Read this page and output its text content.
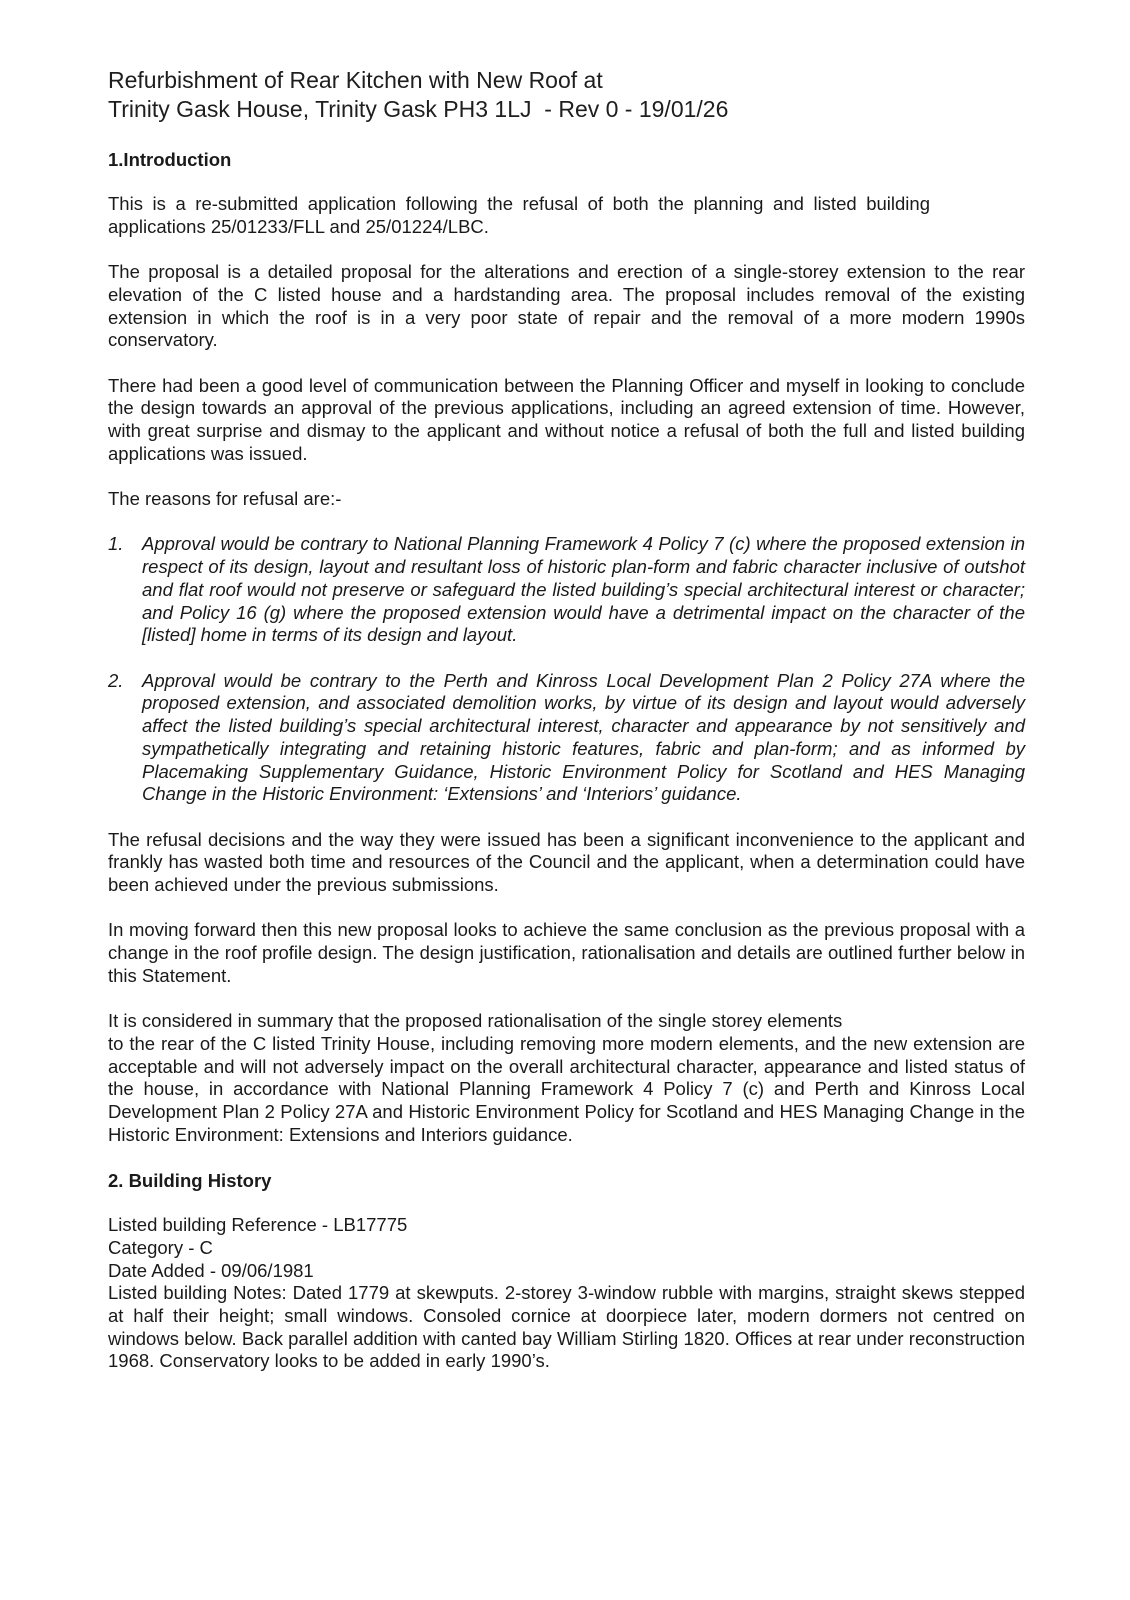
Refurbishment of Rear Kitchen with New Roof at
Trinity Gask House, Trinity Gask PH3 1LJ  - Rev 0 - 19/01/26
1.Introduction

This is a re-submitted application following the refusal of both the planning and listed building applications 25/01233/FLL and 25/01224/LBC.

The proposal is a detailed proposal for the alterations and erection of a single-storey extension to the rear elevation of the C listed house and a hardstanding area. The proposal includes removal of the existing extension in which the roof is in a very poor state of repair and the removal of a more modern 1990s conservatory.

There had been a good level of communication between the Planning Officer and myself in looking to conclude the design towards an approval of the previous applications, including an agreed extension of time. However, with great surprise and dismay to the applicant and without notice a refusal of both the full and listed building applications was issued.

The reasons for refusal are:-

1. Approval would be contrary to National Planning Framework 4 Policy 7 (c) where the proposed extension in respect of its design, layout and resultant loss of historic plan-form and fabric character inclusive of outshot and flat roof would not preserve or safeguard the listed building’s special architectural interest or character; and Policy 16 (g) where the proposed extension would have a detrimental impact on the character of the [listed] home in terms of its design and layout.
2. Approval would be contrary to the Perth and Kinross Local Development Plan 2 Policy 27A where the proposed extension, and associated demolition works, by virtue of its design and layout would adversely affect the listed building’s special architectural interest, character and appearance by not sensitively and sympathetically integrating and retaining historic features, fabric and plan-form; and as informed by Placemaking Supplementary Guidance, Historic Environment Policy for Scotland and HES Managing Change in the Historic Environment: ‘Extensions’ and ‘Interiors’ guidance.

The refusal decisions and the way they were issued has been a significant inconvenience to the applicant and frankly has wasted both time and resources of the Council and the applicant, when a determination could have been achieved under the previous submissions.

In moving forward then this new proposal looks to achieve the same conclusion as the previous proposal with a change in the roof profile design. The design justification, rationalisation and details are outlined further below in this Statement.

It is considered in summary that the proposed rationalisation of the single storey elements
to the rear of the C listed Trinity House, including removing more modern elements, and the new extension are acceptable and will not adversely impact on the overall architectural character, appearance and listed status of the house, in accordance with National Planning Framework 4 Policy 7 (c) and Perth and Kinross Local Development Plan 2 Policy 27A and Historic Environment Policy for Scotland and HES Managing Change in the Historic Environment: Extensions and Interiors guidance.

2. Building History
Listed building Reference - LB17775
Category - C
Date Added - 09/06/1981

Listed building Notes: Dated 1779 at skewputs. 2-storey 3-window rubble with margins, straight skews stepped at half their height; small windows. Consoled cornice at doorpiece later, modern dormers not centred on windows below. Back parallel addition with canted bay William Stirling 1820. Offices at rear under reconstruction 1968. Conservatory looks to be added in early 1990’s.
